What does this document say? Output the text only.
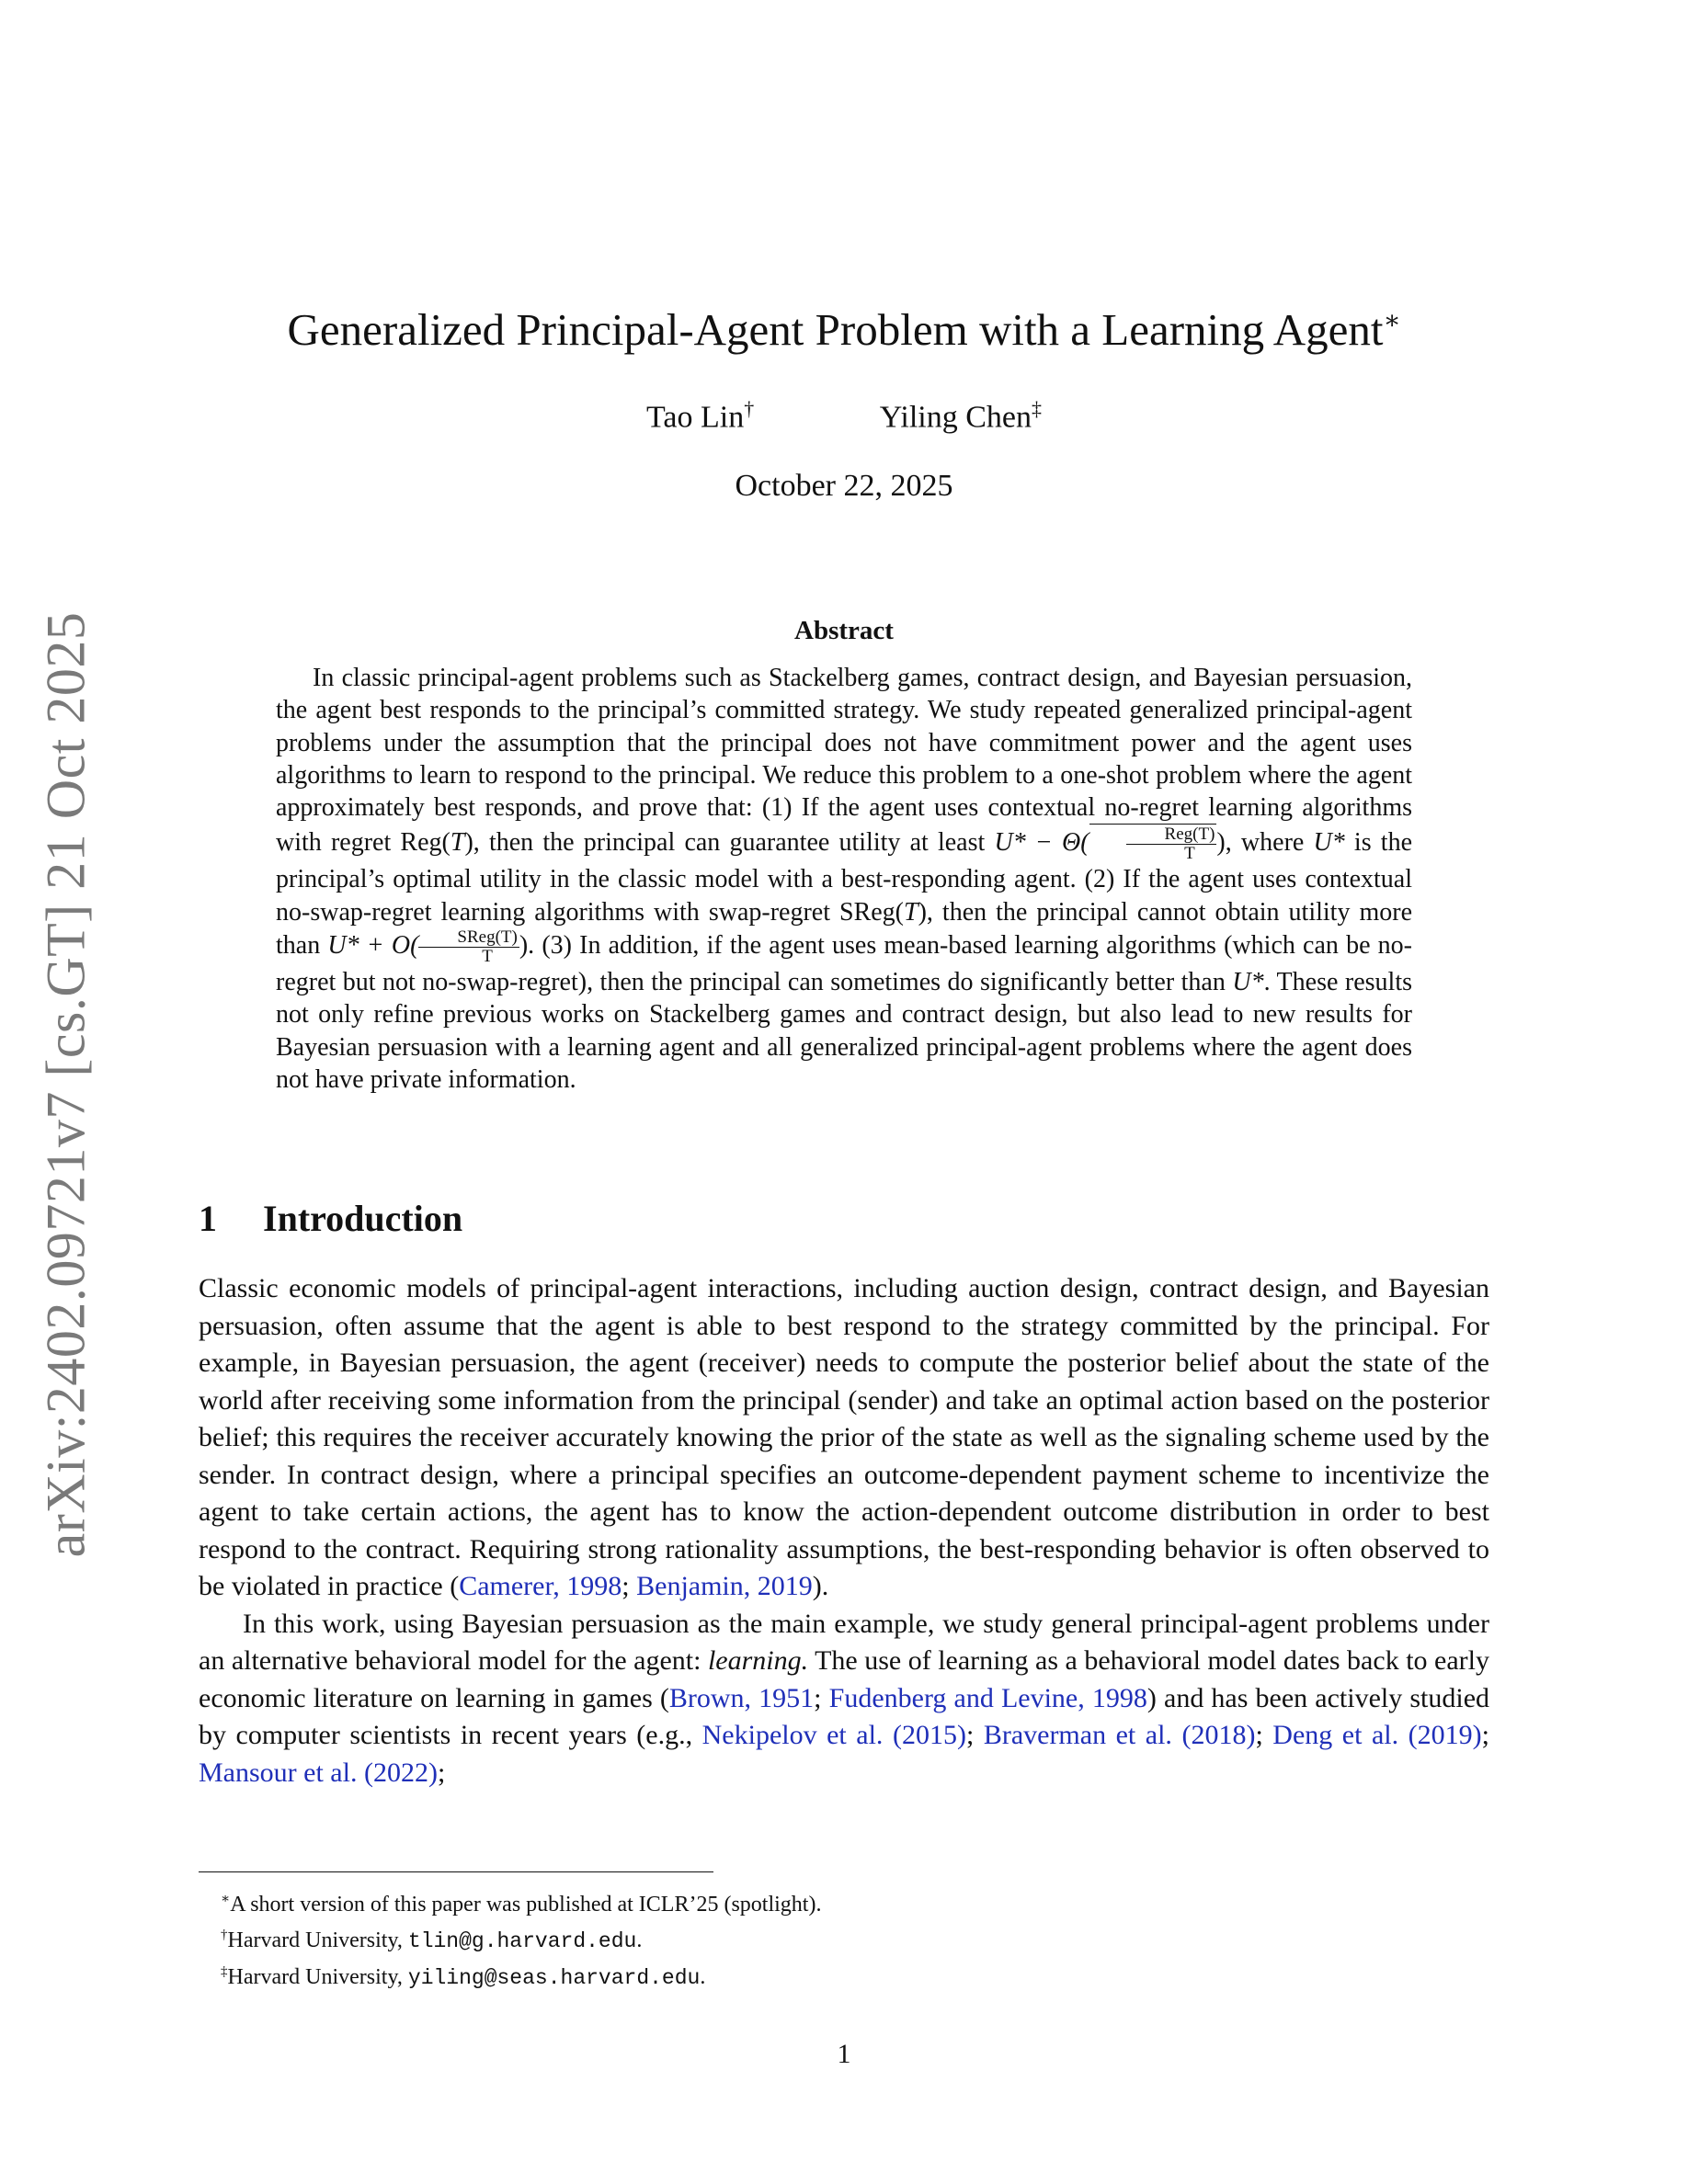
arXiv:2402.09721v7 [cs.GT] 21 Oct 2025
Generalized Principal-Agent Problem with a Learning Agent∗
Tao Lin†	Yiling Chen‡
October 22, 2025
Abstract

In classic principal-agent problems such as Stackelberg games, contract design, and Bayesian persuasion, the agent best responds to the principal’s committed strategy. We study repeated generalized principal-agent problems under the assumption that the principal does not have commitment power and the agent uses algorithms to learn to respond to the principal. We reduce this problem to a one-shot problem where the agent approximately best responds, and prove that: (1) If the agent uses contextual no-regret learning algorithms with regret Reg(T), then the principal can guarantee utility at least $U* - \Theta( \frac{\text{Reg(T)}}{T}$ ), where U* is the principal’s optimal utility in the classic model with a best-responding agent. (2) If the agent uses contextual no-swap-regret learning algorithms with swap-regret SReg(T), then the principal cannot obtain utility more than $U* + O( \frac{\text{SReg(T)}}{T}$ ). (3) In addition, if the agent uses mean-based learning algorithms (which can be no-regret but not no-swap-regret), then the principal can sometimes do significantly better than U*. These results not only refine previous works on Stackelberg games and contract design, but also lead to new results for Bayesian persuasion with a learning agent and all generalized principal-agent problems where the agent does not have private information.

1 Introduction

Classic economic models of principal-agent interactions, including auction design, contract design, and Bayesian persuasion, often assume that the agent is able to best respond to the strategy committed by the principal. For example, in Bayesian persuasion, the agent (receiver) needs to compute the posterior belief about the state of the world after receiving some information from the principal (sender) and take an optimal action based on the posterior belief; this requires the receiver accurately knowing the prior of the state as well as the signaling scheme used by the sender. In contract design, where a principal specifies an outcome-dependent payment scheme to incentivize the agent to take certain actions, the agent has to know the action-dependent outcome distribution in order to best respond to the contract. Requiring strong rationality assumptions, the best-responding behavior is often observed to be violated in practice (Camerer, 1998; Benjamin, 2019).

In this work, using Bayesian persuasion as the main example, we study general principal-agent problems under an alternative behavioral model for the agent: learning. The use of learning as a behavioral model dates back to early economic literature on learning in games (Brown, 1951; Fudenberg and Levine, 1998) and has been actively studied by computer scientists in recent years (e.g., Nekipelov et al. (2015); Braverman et al. (2018); Deng et al. (2019); Mansour et al. (2022);

∗A short version of this paper was published at ICLR’25 (spotlight).
†Harvard University, tlin@g.harvard.edu.
‡Harvard University, yiling@seas.harvard.edu.
1
